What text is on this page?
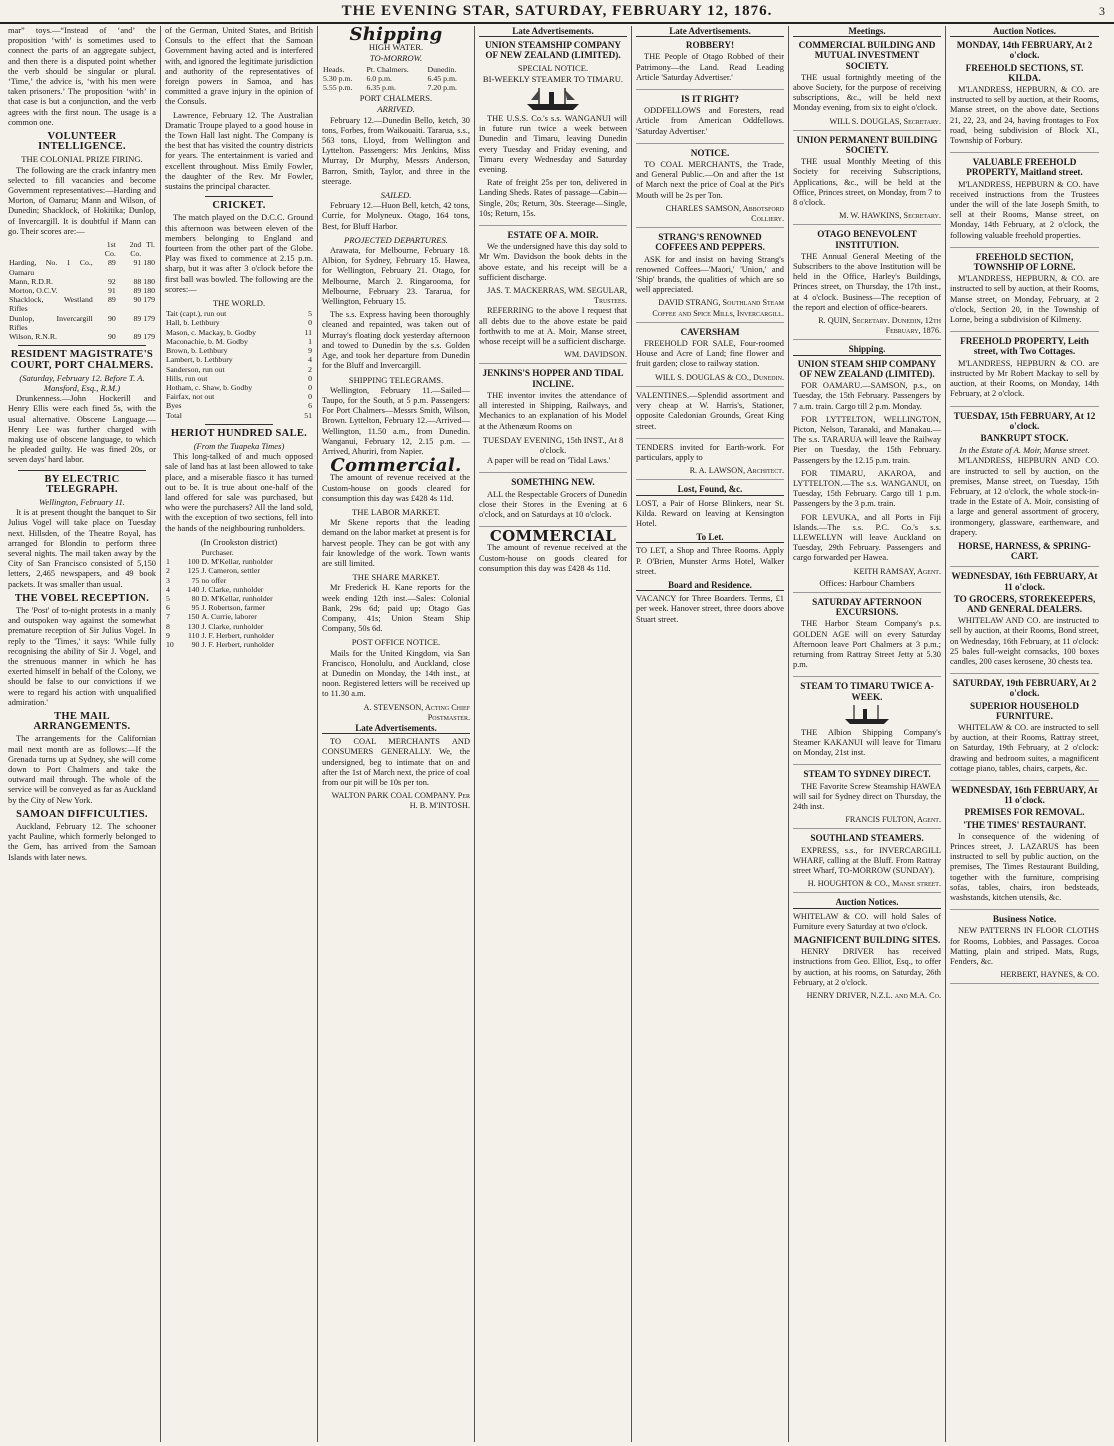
THE EVENING STAR, SATURDAY, FEBRUARY 12, 1876.	3

mar” toys.—“Instead of ‘and’ the proposition ‘with’ is sometimes used to connect the parts of an aggregate subject, and then there is a disputed point whether the verb should be singular or plural. ‘Time,’ the advice is, ‘with his men were taken prisoners.’ The proposition ‘with’ in that case is but a conjunction, and the verb agrees with the first noun. The usage is a common one.

VOLUNTEER INTELLIGENCE.
THE COLONIAL PRIZE FIRING.

The following are the crack infantry men selected to fill vacancies and become Government representatives:—Harding and Morton, of Oamaru; Mann and Wilson, of Dunedin; Shacklock, of Hokitika; Dunlop, of Invercargill. It is doubtful if Mann can go. Their scores are:—

	1st Co.	2nd Co.	Tl.
Harding, No. 1 Co., Oamaru	89	91	180
Mann, R.D.R.	92	88	180
Morton, O.C.V.	91	89	180
Shacklock, Westland Rifles	89	90	179
Dunlop, Invercargill Rifles	90	89	179
Wilson, R.N.R.	90	89	179
RESIDENT MAGISTRATE'S COURT, PORT CHALMERS.
(Saturday, February 12. Before T. A. Mansford, Esq., R.M.)

Drunkenness.—John Hockerill and Henry Ellis were each fined 5s, with the usual alternative. Obscene Language.—Henry Lee was further charged with making use of obscene language, to which he pleaded guilty. He was fined 20s, or seven days' hard labor.

BY ELECTRIC TELEGRAPH.
Wellington, February 11.

It is at present thought the banquet to Sir Julius Vogel will take place on Tuesday next. Hillsden, of the Theatre Royal, has arranged for Blondin to perform three several nights. The mail taken away by the City of San Francisco consisted of 5,150 letters, 2,465 newspapers, and 49 book packets. It was smaller than usual.

THE VOBEL RECEPTION.

The 'Post' of to-night protests in a manly and outspoken way against the somewhat premature reception of Sir Julius Vogel. In reply to the 'Times,' it says: 'While fully recognising the ability of Sir J. Vogel, and the strenuous manner in which he has exerted himself in behalf of the Colony, we should be false to our convictions if we were to regard his action with unqualified admiration.'

THE MAIL ARRANGEMENTS.

The arrangements for the Californian mail next month are as follows:—If the Grenada turns up at Sydney, she will come down to Port Chalmers and take the outward mail through. The whole of the service will be conveyed as far as Auckland by the City of New York.

SAMOAN DIFFICULTIES.

Auckland, February 12. The schooner yacht Pauline, which formerly belonged to the Gem, has arrived from the Samoan Islands with later news.

of the German, United States, and British Consuls to the effect that the Samoan Government having acted and is interfered with, and ignored the legitimate jurisdiction and authority of the representatives of foreign powers in Samoa, and has committed a grave injury in the opinion of the Consuls.

Lawrence, February 12. The Australian Dramatic Troupe played to a good house in the Town Hall last night. The Company is the best that has visited the country districts for years. The entertainment is varied and excellent throughout. Miss Emily Fowler, the daughter of the Rev. Mr Fowler, sustains the principal character.

CRICKET.

The match played on the D.C.C. Ground this afternoon was between eleven of the members belonging to England and fourteen from the other part of the Globe. Play was fixed to commence at 2.15 p.m. sharp, but it was after 3 o'clock before the first ball was bowled. The following are the scores:—

THE WORLD.
Tait (capt.), run out	5
Hall, b. Lethbury	0
Mason, c. Mackay, b. Godby	11
Maconachie, b. M. Godby	1
Brown, b. Lethbury	9
Lambert, b. Lethbury	4
Sanderson, run out	2
Hills, run out	0
Hotham, c. Shaw, b. Godby	0
Fairfax, not out	0
Byes	6
Total	51
HERIOT HUNDRED SALE.
(From the Tuapeka Times)

This long-talked of and much opposed sale of land has at last been allowed to take place, and a miserable fiasco it has turned out to be. It is true about one-half of the land offered for sale was purchased, but who were the purchasers? All the land sold, with the exception of two sections, fell into the hands of the neighbouring runholders.

(In Crookston district)
		Purchaser.
1	100	D. M'Kellar, runholder
2	125	J. Cameron, settler
3	75	no offer
4	140	J. Clarke, runholder
5	80	D. M'Kellar, runholder
6	95	J. Robertson, farmer
7	150	A. Currie, laborer
8	130	J. Clarke, runholder
9	110	J. F. Herbert, runholder
10	90	J. F. Herbert, runholder
Shipping
HIGH WATER.
TO-MORROW.
Heads.	Pt. Chalmers.	Dunedin.
5.30 p.m.	6.0 p.m.	6.45 p.m.
5.55 p.m.	6.35 p.m.	7.20 p.m.
PORT CHALMERS.
ARRIVED.

February 12.—Dunedin Bello, ketch, 30 tons, Forbes, from Waikouaiti. Tararua, s.s., 563 tons, Lloyd, from Wellington and Lyttelton. Passengers: Mrs Jenkins, Miss Murray, Dr Murphy, Messrs Anderson, Barron, Smith, Taylor, and three in the steerage.

SAILED.

February 12.—Huon Bell, ketch, 42 tons, Currie, for Molyneux. Otago, 164 tons, Best, for Bluff Harbor.

PROJECTED DEPARTURES.

Arawata, for Melbourne, February 18. Albion, for Sydney, February 15. Hawea, for Wellington, February 21. Otago, for Melbourne, March 2. Ringarooma, for Melbourne, February 23. Tararua, for Wellington, February 15.

The s.s. Express having been thoroughly cleaned and repainted, was taken out of Murray's floating dock yesterday afternoon and towed to Dunedin by the s.s. Golden Age, and took her departure from Dunedin for the Bluff and Invercargill.

SHIPPING TELEGRAMS.

Wellington, February 11.—Sailed—Taupo, for the South, at 5 p.m. Passengers: For Port Chalmers—Messrs Smith, Wilson, Brown. Lyttelton, February 12.—Arrived—Wellington, 11.50 a.m., from Dunedin. Wanganui, February 12, 2.15 p.m. — Arrived, Ahuriri, from Napier.

Commercial.

The amount of revenue received at the Custom-house on goods cleared for consumption this day was £428 4s 11d.

THE LABOR MARKET.

Mr Skene reports that the leading demand on the labor market at present is for harvest people. They can be got with any fair knowledge of the work. Town wants are still limited.

THE SHARE MARKET.

Mr Frederick H. Kane reports for the week ending 12th inst.—Sales: Colonial Bank, 29s 6d; paid up; Otago Gas Company, 41s; Union Steam Ship Company, 50s 6d.

POST OFFICE NOTICE.

Mails for the United Kingdom, via San Francisco, Honolulu, and Auckland, close at Dunedin on Monday, the 14th inst., at noon. Registered letters will be received up to 11.30 a.m.

A. STEVENSON, Acting Chief Postmaster.
Late Advertisements.

TO COAL MERCHANTS AND CONSUMERS GENERALLY. We, the undersigned, beg to intimate that on and after the 1st of March next, the price of coal from our pit will be 10s per ton.

WALTON PARK COAL COMPANY. Per H. B. M'INTOSH.
Late Advertisements.
UNION STEAMSHIP COMPANY OF NEW ZEALAND (LIMITED).
SPECIAL NOTICE.
BI-WEEKLY STEAMER TO TIMARU.

THE U.S.S. Co.'s s.s. WANGANUI will in future run twice a week between Dunedin and Timaru, leaving Dunedin every Tuesday and Friday evening, and Timaru every Wednesday and Saturday evening.

Rate of freight 25s per ton, delivered in Landing Sheds. Rates of passage—Cabin—Single, 20s; Return, 30s. Steerage—Single, 10s; Return, 15s.

ESTATE OF A. MOIR.

We the undersigned have this day sold to Mr Wm. Davidson the book debts in the above estate, and his receipt will be a sufficient discharge.

JAS. T. MACKERRAS, WM. SEGULAR, Trustees.

REFERRING to the above I request that all debts due to the above estate be paid forthwith to me at A. Moir, Manse street, whose receipt will be a sufficient discharge.

WM. DAVIDSON.
JENKINS'S HOPPER AND TIDAL INCLINE.

THE inventor invites the attendance of all interested in Shipping, Railways, and Mechanics to an explanation of his Model at the Athenæum Rooms on

TUESDAY EVENING, 15th INST., At 8 o'clock.

A paper will be read on 'Tidal Laws.'

SOMETHING NEW.

ALL the Respectable Grocers of Dunedin close their Stores in the Evening at 6 o'clock, and on Saturdays at 10 o'clock.

COMMERCIAL

The amount of revenue received at the Custom-house on goods cleared for consumption this day was £428 4s 11d.

Late Advertisements.
ROBBERY!

THE People of Otago Robbed of their Patrimony—the Land. Read Leading Article 'Saturday Advertiser.'

IS IT RIGHT?

ODDFELLOWS and Foresters, read Article from American Oddfellows. 'Saturday Advertiser.'

NOTICE.

TO COAL MERCHANTS, the Trade, and General Public.—On and after the 1st of March next the price of Coal at the Pit's Mouth will be 2s per Ton.

CHARLES SAMSON, Abbotsford Colliery.
STRANG'S RENOWNED COFFEES AND PEPPERS.

ASK for and insist on having Strang's renowned Coffees—'Maori,' 'Union,' and 'Ship' brands, the qualities of which are so well appreciated.

DAVID STRANG, Southland Steam Coffee and Spice Mills, Invercargill.
CAVERSHAM

FREEHOLD FOR SALE, Four-roomed House and Acre of Land; fine flower and fruit garden; close to railway station.

WILL S. DOUGLAS & CO., Dunedin.

VALENTINES.—Splendid assortment and very cheap at W. Harris's, Stationer, opposite Caledonian Grounds, Great King street.

TENDERS invited for Earth-work. For particulars, apply to

R. A. LAWSON, Architect.
Lost, Found, &c.

LOST, a Pair of Horse Blinkers, near St. Kilda. Reward on leaving at Kensington Hotel.

To Let.

TO LET, a Shop and Three Rooms. Apply P. O'Brien, Munster Arms Hotel, Walker street.

Board and Residence.

VACANCY for Three Boarders. Terms, £1 per week. Hanover street, three doors above Stuart street.

Meetings.
COMMERCIAL BUILDING AND MUTUAL INVESTMENT SOCIETY.

THE usual fortnightly meeting of the above Society, for the purpose of receiving subscriptions, &c., will be held next Monday evening, from six to eight o'clock.

WILL S. DOUGLAS, Secretary.
UNION PERMANENT BUILDING SOCIETY.

THE usual Monthly Meeting of this Society for receiving Subscriptions, Applications, &c., will be held at the Office, Princes street, on Monday, from 7 to 8 o'clock.

M. W. HAWKINS, Secretary.
OTAGO BENEVOLENT INSTITUTION.

THE Annual General Meeting of the Subscribers to the above Institution will be held in the Office, Harley's Buildings, Princes street, on Thursday, the 17th inst., at 4 o'clock. Business—The reception of the report and election of office-bearers.

R. QUIN, Secretary. Dunedin, 12th February, 1876.
Shipping.
UNION STEAM SHIP COMPANY OF NEW ZEALAND (LIMITED).

FOR OAMARU.—SAMSON, p.s., on Tuesday, the 15th February. Passengers by 7 a.m. train. Cargo till 2 p.m. Monday.

FOR LYTTELTON, WELLINGTON, Picton, Nelson, Taranaki, and Manakau.—The s.s. TARARUA will leave the Railway Pier on Tuesday, the 15th February. Passengers by the 12.15 p.m. train.

FOR TIMARU, AKAROA, and LYTTELTON.—The s.s. WANGANUI, on Tuesday, 15th February. Cargo till 1 p.m. Passengers by the 3 p.m. train.

FOR LEVUKA, and all Ports in Fiji Islands.—The s.s. P.C. Co.'s s.s. LLEWELLYN will leave Auckland on Tuesday, 29th February. Passengers and cargo forwarded per Hawea.

KEITH RAMSAY, Agent.
Offices: Harbour Chambers
SATURDAY AFTERNOON EXCURSIONS.

THE Harbor Steam Company's p.s. GOLDEN AGE will on every Saturday Afternoon leave Port Chalmers at 3 p.m.; returning from Rattray Street Jetty at 5.30 p.m.

STEAM TO TIMARU TWICE A-WEEK.

THE Albion Shipping Company's Steamer KAKANUI will leave for Timaru on Monday, 21st inst.

STEAM TO SYDNEY DIRECT.

THE Favorite Screw Steamship HAWEA will sail for Sydney direct on Thursday, the 24th inst.

FRANCIS FULTON, Agent.
SOUTHLAND STEAMERS.

EXPRESS, s.s., for INVERCARGILL WHARF, calling at the Bluff. From Rattray street Wharf, TO-MORROW (SUNDAY).

H. HOUGHTON & CO., Manse street.
Auction Notices.

WHITELAW & CO. will hold Sales of Furniture every Saturday at two o'clock.

MAGNIFICENT BUILDING SITES.

HENRY DRIVER has received instructions from Geo. Elliot, Esq., to offer by auction, at his rooms, on Saturday, 26th February, at 2 o'clock.

HENRY DRIVER, N.Z.L. and M.A. Co.
Auction Notices.
MONDAY, 14th FEBRUARY, At 2 o'clock.
FREEHOLD SECTIONS, ST. KILDA.

M'LANDRESS, HEPBURN, & CO. are instructed to sell by auction, at their Rooms, Manse street, on the above date, Sections 21, 22, 23, and 24, having frontages to Fox road, being subdivision of Block XI., Township of Forbury.

VALUABLE FREEHOLD PROPERTY, Maitland street.

M'LANDRESS, HEPBURN & CO. have received instructions from the Trustees under the will of the late Joseph Smith, to sell at their Rooms, Manse street, on Monday, 14th February, at 2 o'clock, the following valuable freehold properties.

FREEHOLD SECTION, TOWNSHIP OF LORNE.

M'LANDRESS, HEPBURN, & CO. are instructed to sell by auction, at their Rooms, Manse street, on Monday, February, at 2 o'clock, Section 20, in the Township of Lorne, being a subdivision of Kilmeny.

FREEHOLD PROPERTY, Leith street, with Two Cottages.

M'LANDRESS, HEPBURN & CO. are instructed by Mr Robert Mackay to sell by auction, at their Rooms, on Monday, 14th February, at 2 o'clock.

TUESDAY, 15th FEBRUARY, At 12 o'clock.
BANKRUPT STOCK.
In the Estate of A. Moir, Manse street.

M'LANDRESS, HEPBURN AND CO. are instructed to sell by auction, on the premises, Manse street, on Tuesday, 15th February, at 12 o'clock, the whole stock-in-trade in the Estate of A. Moir, consisting of a large and general assortment of grocery, ironmongery, glassware, earthenware, and drapery.

HORSE, HARNESS, & SPRING-CART.
WEDNESDAY, 16th FEBRUARY, At 11 o'clock.
TO GROCERS, STOREKEEPERS, AND GENERAL DEALERS.

WHITELAW AND CO. are instructed to sell by auction, at their Rooms, Bond street, on Wednesday, 16th February, at 11 o'clock: 25 bales full-weight cornsacks, 100 boxes candles, 200 cases kerosene, 30 chests tea.

SATURDAY, 19th FEBRUARY, At 2 o'clock.
SUPERIOR HOUSEHOLD FURNITURE.

WHITELAW & CO. are instructed to sell by auction, at their Rooms, Rattray street, on Saturday, 19th February, at 2 o'clock: drawing and bedroom suites, a magnificent cottage piano, tables, chairs, carpets, &c.

WEDNESDAY, 16th FEBRUARY, At 11 o'clock.
PREMISES FOR REMOVAL.
'THE TIMES' RESTAURANT.

In consequence of the widening of Princes street, J. LAZARUS has been instructed to sell by public auction, on the premises, The Times Restaurant Building, together with the furniture, comprising sofas, tables, chairs, iron bedsteads, washstands, kitchen utensils, &c.

Business Notice.

NEW PATTERNS IN FLOOR CLOTHS for Rooms, Lobbies, and Passages. Cocoa Matting, plain and striped. Mats, Rugs, Fenders, &c.

HERBERT, HAYNES, & CO.
